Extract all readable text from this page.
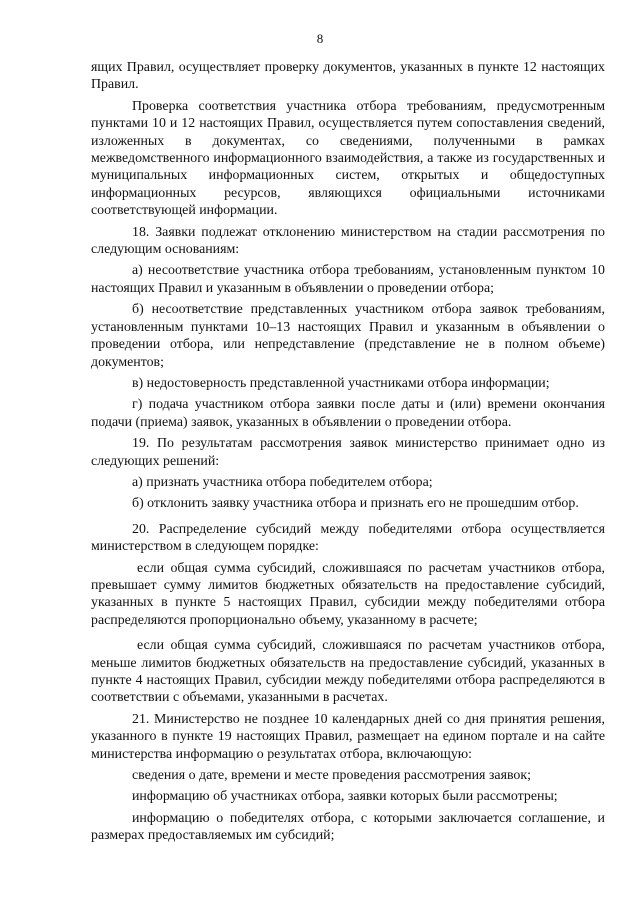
8

ящих Правил, осуществляет проверку документов, указанных в пункте 12 настоящих Правил.

Проверка соответствия участника отбора требованиям, предусмотренным пунктами 10 и 12 настоящих Правил, осуществляется путем сопоставления сведений, изложенных в документах, со сведениями, полученными в рамках межведомственного информационного взаимодействия, а также из государственных и муниципальных информационных систем, открытых и общедоступных информационных ресурсов, являющихся официальными источниками соответствующей информации.

18. Заявки подлежат отклонению министерством на стадии рассмотрения по следующим основаниям:

а) несоответствие участника отбора требованиям, установленным пунктом 10 настоящих Правил и указанным в объявлении о проведении отбора;

б) несоответствие представленных участником отбора заявок требованиям, установленным пунктами 10–13 настоящих Правил и указанным в объявлении о проведении отбора, или непредставление (представление не в полном объеме) документов;

в) недостоверность представленной участниками отбора информации;

г) подача участником отбора заявки после даты и (или) времени окончания подачи (приема) заявок, указанных в объявлении о проведении отбора.

19. По результатам рассмотрения заявок министерство принимает одно из следующих решений:

а) признать участника отбора победителем отбора;

б) отклонить заявку участника отбора и признать его не прошедшим отбор.

20. Распределение субсидий между победителями отбора осуществляется министерством в следующем порядке:

если общая сумма субсидий, сложившаяся по расчетам участников отбора, превышает сумму лимитов бюджетных обязательств на предоставление субсидий, указанных в пункте 5 настоящих Правил, субсидии между победителями отбора распределяются пропорционально объему, указанному в расчете;

если общая сумма субсидий, сложившаяся по расчетам участников отбора, меньше лимитов бюджетных обязательств на предоставление субсидий, указанных в пункте 4 настоящих Правил, субсидии между победителями отбора распределяются в соответствии с объемами, указанными в расчетах.

21. Министерство не позднее 10 календарных дней со дня принятия решения, указанного в пункте 19 настоящих Правил, размещает на едином портале и на сайте министерства информацию о результатах отбора, включающую:

сведения о дате, времени и месте проведения рассмотрения заявок;

информацию об участниках отбора, заявки которых были рассмотрены;

информацию о победителях отбора, с которыми заключается соглашение, и размерах предоставляемых им субсидий;
